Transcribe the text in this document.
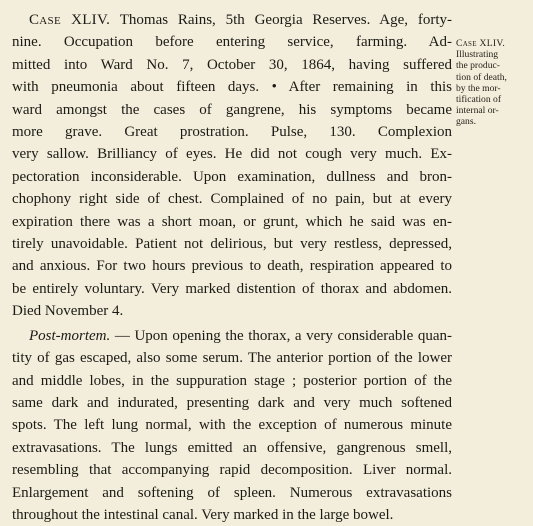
Case XLIV. Thomas Rains, 5th Georgia Reserves. Age, forty-
nine. Occupation before entering service, farming. Ad-
mitted into Ward No. 7, October 30, 1864, having suffered
with pneumonia about fifteen days. • After remaining in this
ward amongst the cases of gangrene, his symptoms became
more grave. Great prostration. Pulse, 130. Complexion
very sallow. Brilliancy of eyes. He did not cough very much. Ex-
pectoration inconsiderable. Upon examination, dullness and bron-
chophony right side of chest. Complained of no pain, but at every
expiration there was a short moan, or grunt, which he said was en-
tirely unavoidable. Patient not delirious, but very restless, depressed,
and anxious. For two hours previous to death, respiration appeared to
be entirely voluntary. Very marked distention of thorax and abdomen.
Died November 4.
Post-mortem. — Upon opening the thorax, a very considerable quan-
tity of gas escaped, also some serum. The anterior portion of the lower
and middle lobes, in the suppuration stage ; posterior portion of the
same dark and indurated, presenting dark and very much softened
spots. The left lung normal, with the exception of numerous minute
extravasations. The lungs emitted an offensive, gangrenous smell,
resembling that accompanying rapid decomposition. Liver normal.
Enlargement and softening of spleen. Numerous extravasations
throughout the intestinal canal. Very marked in the large bowel.
Case XLIV.
Illustrating
the produc-
tion of death,
by the mor-
tification of
internal or-
gans.
